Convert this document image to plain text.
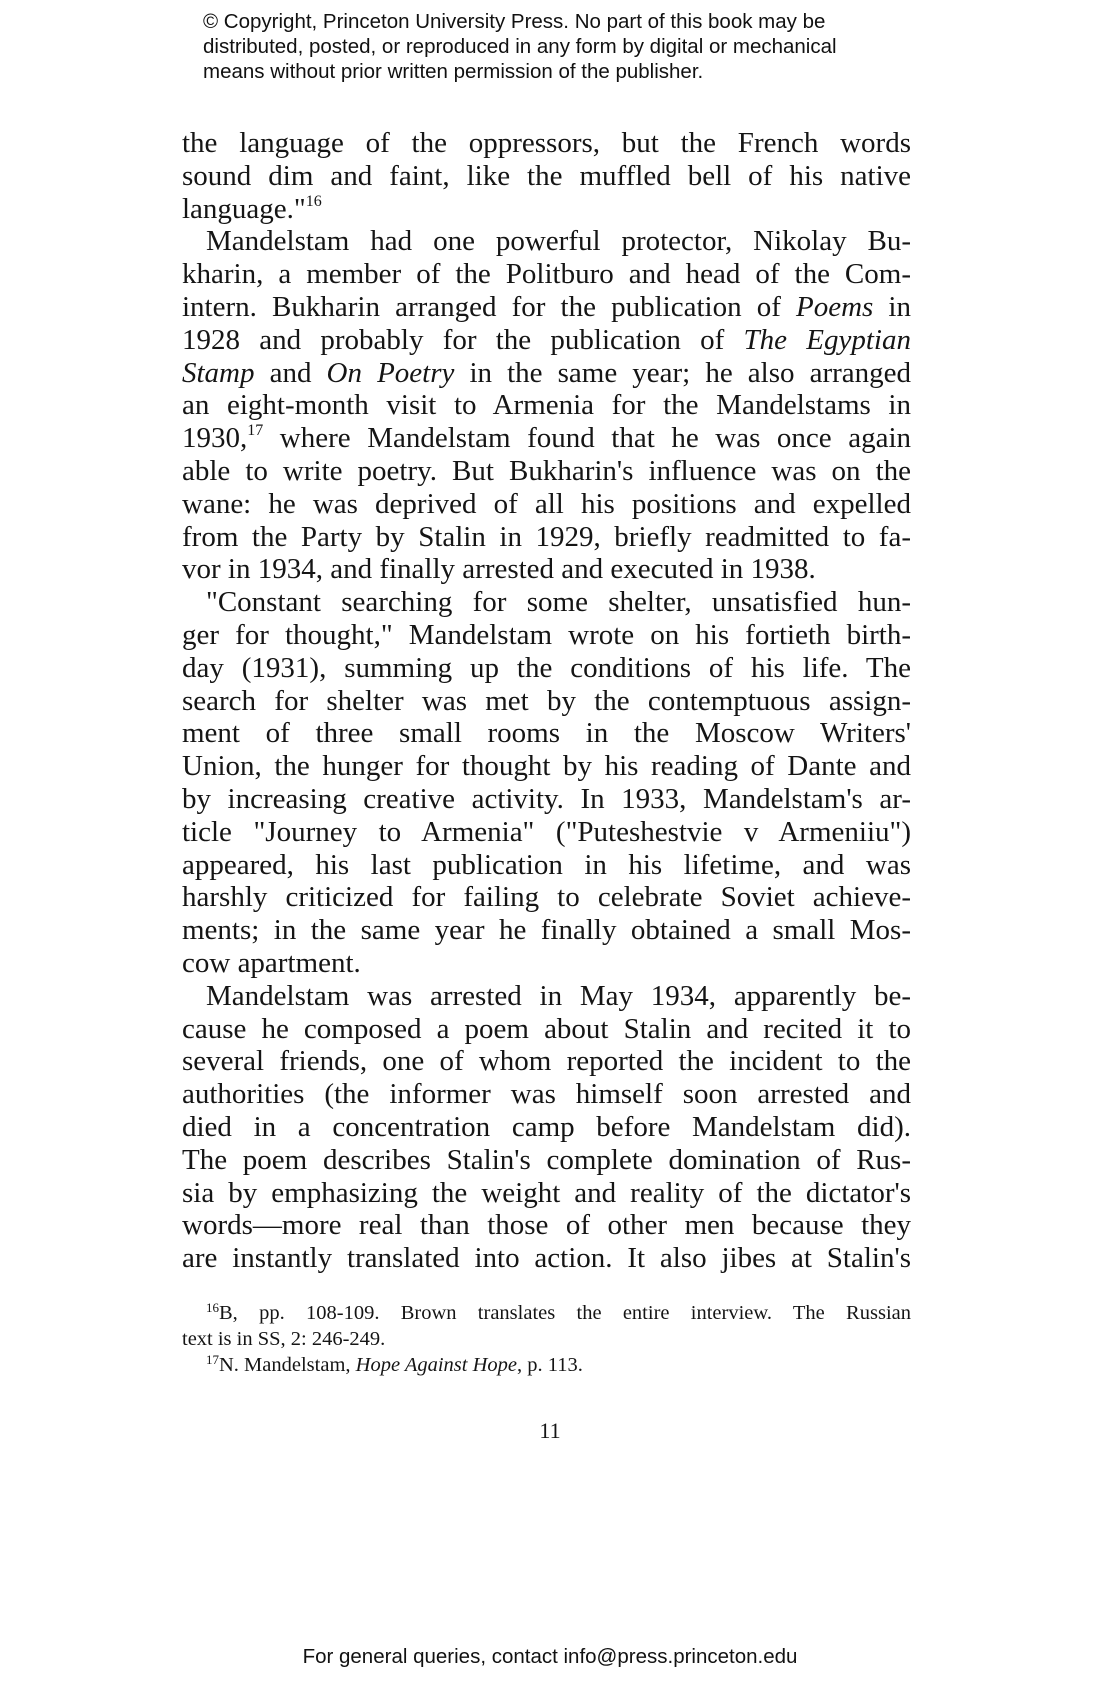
© Copyright, Princeton University Press. No part of this book may be
distributed, posted, or reproduced in any form by digital or mechanical
means without prior written permission of the publisher.

the language of the oppressors, but the French words
sound dim and faint, like the muffled bell of his native
language."$^{16}$

Mandelstam had one powerful protector, Nikolay Bu-
kharin, a member of the Politburo and head of the Com-
intern. Bukharin arranged for the publication of Poems in
1928 and probably for the publication of The Egyptian
Stamp and On Poetry in the same year; he also arranged
an eight-month visit to Armenia for the Mandelstams in
1930,17 where Mandelstam found that he was once again
able to write poetry. But Bukharin's influence was on the
wane: he was deprived of all his positions and expelled
from the Party by Stalin in 1929, briefly readmitted to fa-
vor in 1934, and finally arrested and executed in 1938.

"Constant searching for some shelter, unsatisfied hun-
ger for thought," Mandelstam wrote on his fortieth birth-
day (1931), summing up the conditions of his life. The
search for shelter was met by the contemptuous assign-
ment of three small rooms in the Moscow Writers'
Union, the hunger for thought by his reading of Dante and
by increasing creative activity. In 1933, Mandelstam's ar-
ticle "Journey to Armenia" ("Puteshestvie v Armeniiu")
appeared, his last publication in his lifetime, and was
harshly criticized for failing to celebrate Soviet achieve-
ments; in the same year he finally obtained a small Mos-
cow apartment.

Mandelstam was arrested in May 1934, apparently be-
cause he composed a poem about Stalin and recited it to
several friends, one of whom reported the incident to the
authorities (the informer was himself soon arrested and
died in a concentration camp before Mandelstam did).
The poem describes Stalin's complete domination of Rus-
sia by emphasizing the weight and reality of the dictator's
words—more real than those of other men because they
are instantly translated into action. It also jibes at Stalin's

$^{16}$B, pp. 108-109. Brown translates the entire interview. The Russian
text is in SS, 2: 246-249.
$^{17}$N. Mandelstam, Hope Against Hope, p. 113.
11
For general queries, contact info@press.princeton.edu
